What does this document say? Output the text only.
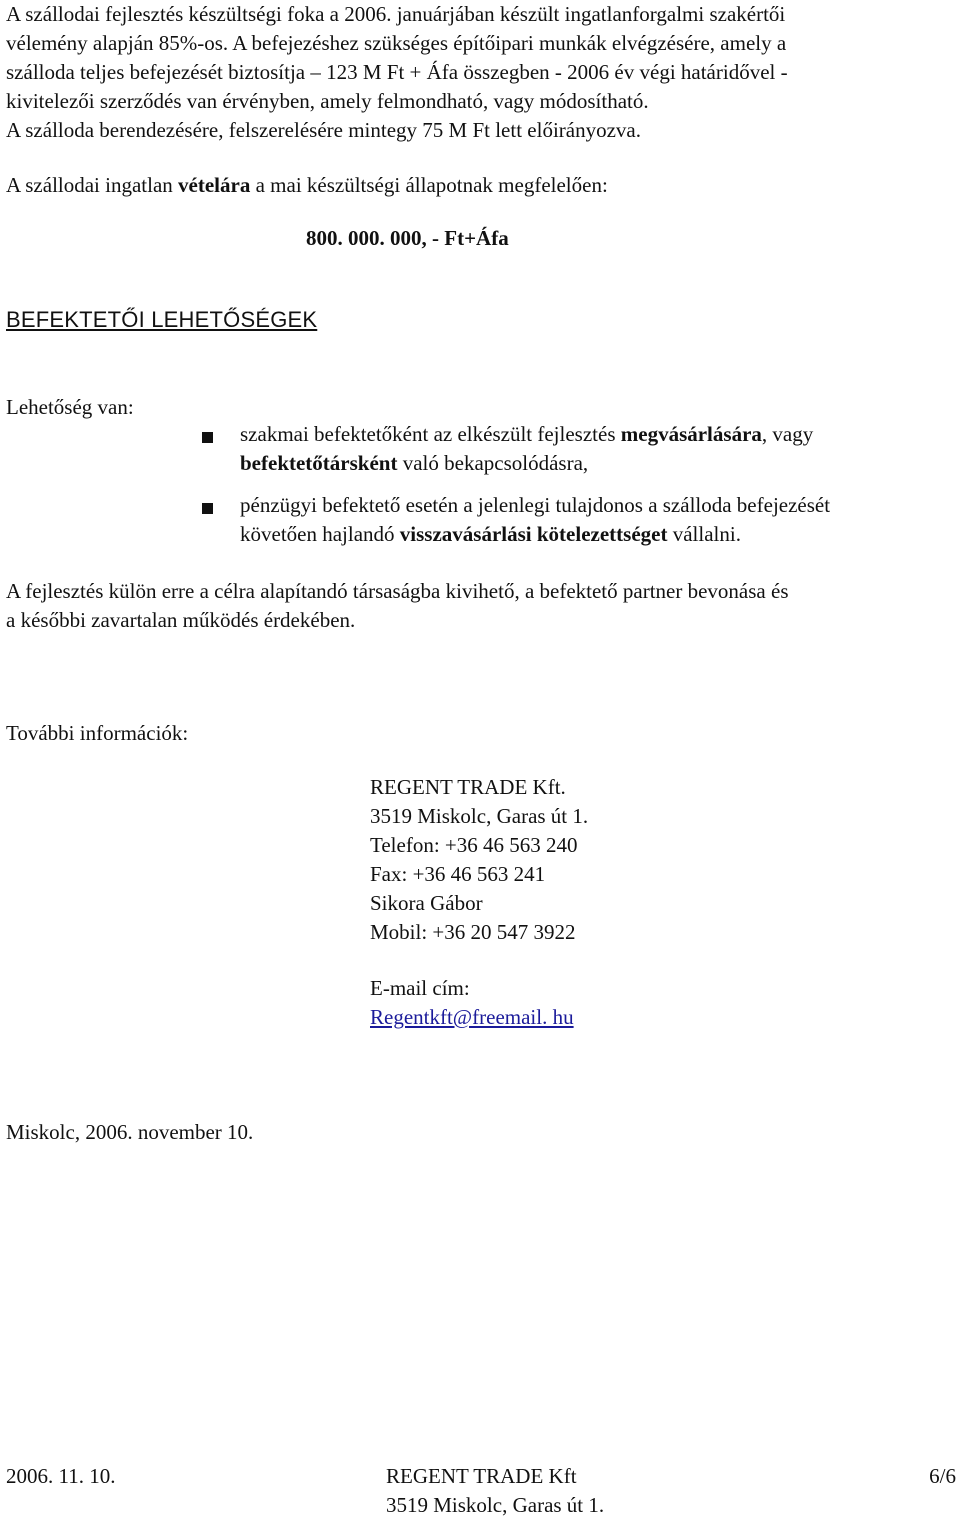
A szállodai fejlesztés készültségi foka a 2006. januárjában készült ingatlanforgalmi szakértői
vélemény alapján 85%-os. A befejezéshez szükséges építőipari munkák elvégzésére, amely a
szálloda teljes befejezését biztosítja – 123 M Ft + Áfa összegben - 2006 év végi határidővel -
kivitelezői szerződés van érvényben, amely felmondható, vagy módosítható.
A szálloda berendezésére, felszerelésére mintegy 75 M Ft lett előirányozva.
A szállodai ingatlan vételára a mai készültségi állapotnak megfelelően:
800. 000. 000, - Ft+Áfa
BEFEKTETŐI LEHETŐSÉGEK
Lehetőség van:
szakmai befektetőként az elkészült fejlesztés megvásárlására, vagy
befektetőtársként való bekapcsolódásra,
pénzügyi befektető esetén a jelenlegi tulajdonos a szálloda befejezését
követően hajlandó visszavásárlási kötelezettséget vállalni.
A fejlesztés külön erre a célra alapítandó társaságba kivihető, a befektető partner bevonása és
a későbbi zavartalan működés érdekében.
További információk:
REGENT TRADE Kft.
3519 Miskolc, Garas út 1.
Telefon: +36 46 563 240
Fax: +36 46 563 241
Sikora Gábor
Mobil: +36 20 547 3922
E-mail cím:
Regentkft@freemail. hu
Miskolc, 2006. november 10.
2006. 11. 10.	REGENT TRADE Kft
3519 Miskolc, Garas út 1.
6/6
